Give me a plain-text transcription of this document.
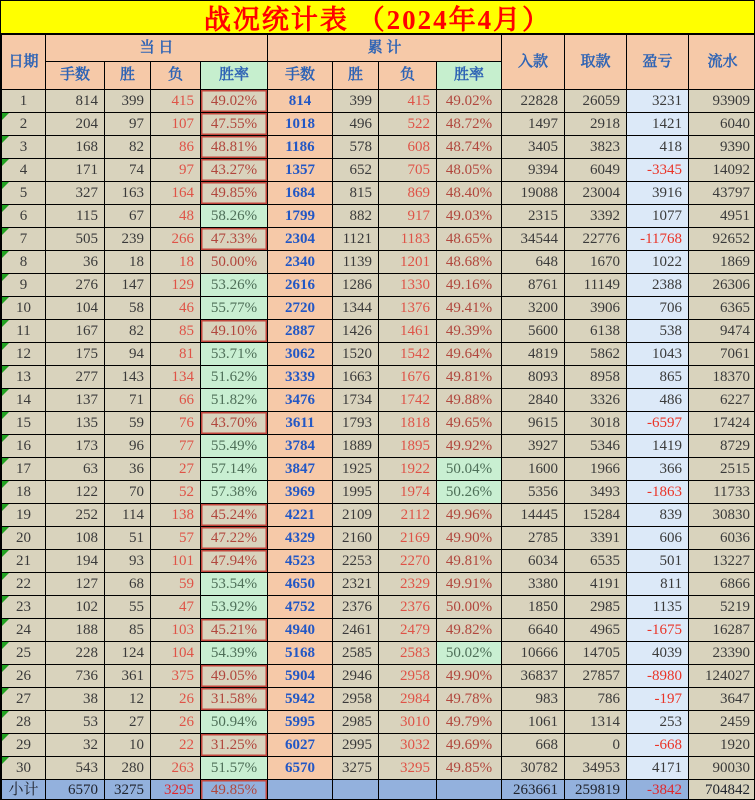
战况统计表 （2024年4月）
日期	当 日				累 计				入款	取款	盈亏	流水
	手数	胜	负	胜率	手数	胜	负	胜率				
1	814	399	415	49.02%	814	399	415	49.02%	22828	26059	3231	93909
2	204	97	107	47.55%	1018	496	522	48.72%	1497	2918	1421	6040
3	168	82	86	48.81%	1186	578	608	48.74%	3405	3823	418	9390
4	171	74	97	43.27%	1357	652	705	48.05%	9394	6049	-3345	14092
5	327	163	164	49.85%	1684	815	869	48.40%	19088	23004	3916	43797
6	115	67	48	58.26%	1799	882	917	49.03%	2315	3392	1077	4951
7	505	239	266	47.33%	2304	1121	1183	48.65%	34544	22776	-11768	92652
8	36	18	18	50.00%	2340	1139	1201	48.68%	648	1670	1022	1869
9	276	147	129	53.26%	2616	1286	1330	49.16%	8761	11149	2388	26306
10	104	58	46	55.77%	2720	1344	1376	49.41%	3200	3906	706	6365
11	167	82	85	49.10%	2887	1426	1461	49.39%	5600	6138	538	9474
12	175	94	81	53.71%	3062	1520	1542	49.64%	4819	5862	1043	7061
13	277	143	134	51.62%	3339	1663	1676	49.81%	8093	8958	865	18370
14	137	71	66	51.82%	3476	1734	1742	49.88%	2840	3326	486	6227
15	135	59	76	43.70%	3611	1793	1818	49.65%	9615	3018	-6597	17424
16	173	96	77	55.49%	3784	1889	1895	49.92%	3927	5346	1419	8729
17	63	36	27	57.14%	3847	1925	1922	50.04%	1600	1966	366	2515
18	122	70	52	57.38%	3969	1995	1974	50.26%	5356	3493	-1863	11733
19	252	114	138	45.24%	4221	2109	2112	49.96%	14445	15284	839	30830
20	108	51	57	47.22%	4329	2160	2169	49.90%	2785	3391	606	6036
21	194	93	101	47.94%	4523	2253	2270	49.81%	6034	6535	501	13227
22	127	68	59	53.54%	4650	2321	2329	49.91%	3380	4191	811	6866
23	102	55	47	53.92%	4752	2376	2376	50.00%	1850	2985	1135	5219
24	188	85	103	45.21%	4940	2461	2479	49.82%	6640	4965	-1675	16287
25	228	124	104	54.39%	5168	2585	2583	50.02%	10666	14705	4039	23390
26	736	361	375	49.05%	5904	2946	2958	49.90%	36837	27857	-8980	124027
27	38	12	26	31.58%	5942	2958	2984	49.78%	983	786	-197	3647
28	53	27	26	50.94%	5995	2985	3010	49.79%	1061	1314	253	2459
29	32	10	22	31.25%	6027	2995	3032	49.69%	668	0	-668	1920
30	543	280	263	51.57%	6570	3275	3295	49.85%	30782	34953	4171	90030
小计	6570	3275	3295	49.85%					263661	259819	-3842	704842
